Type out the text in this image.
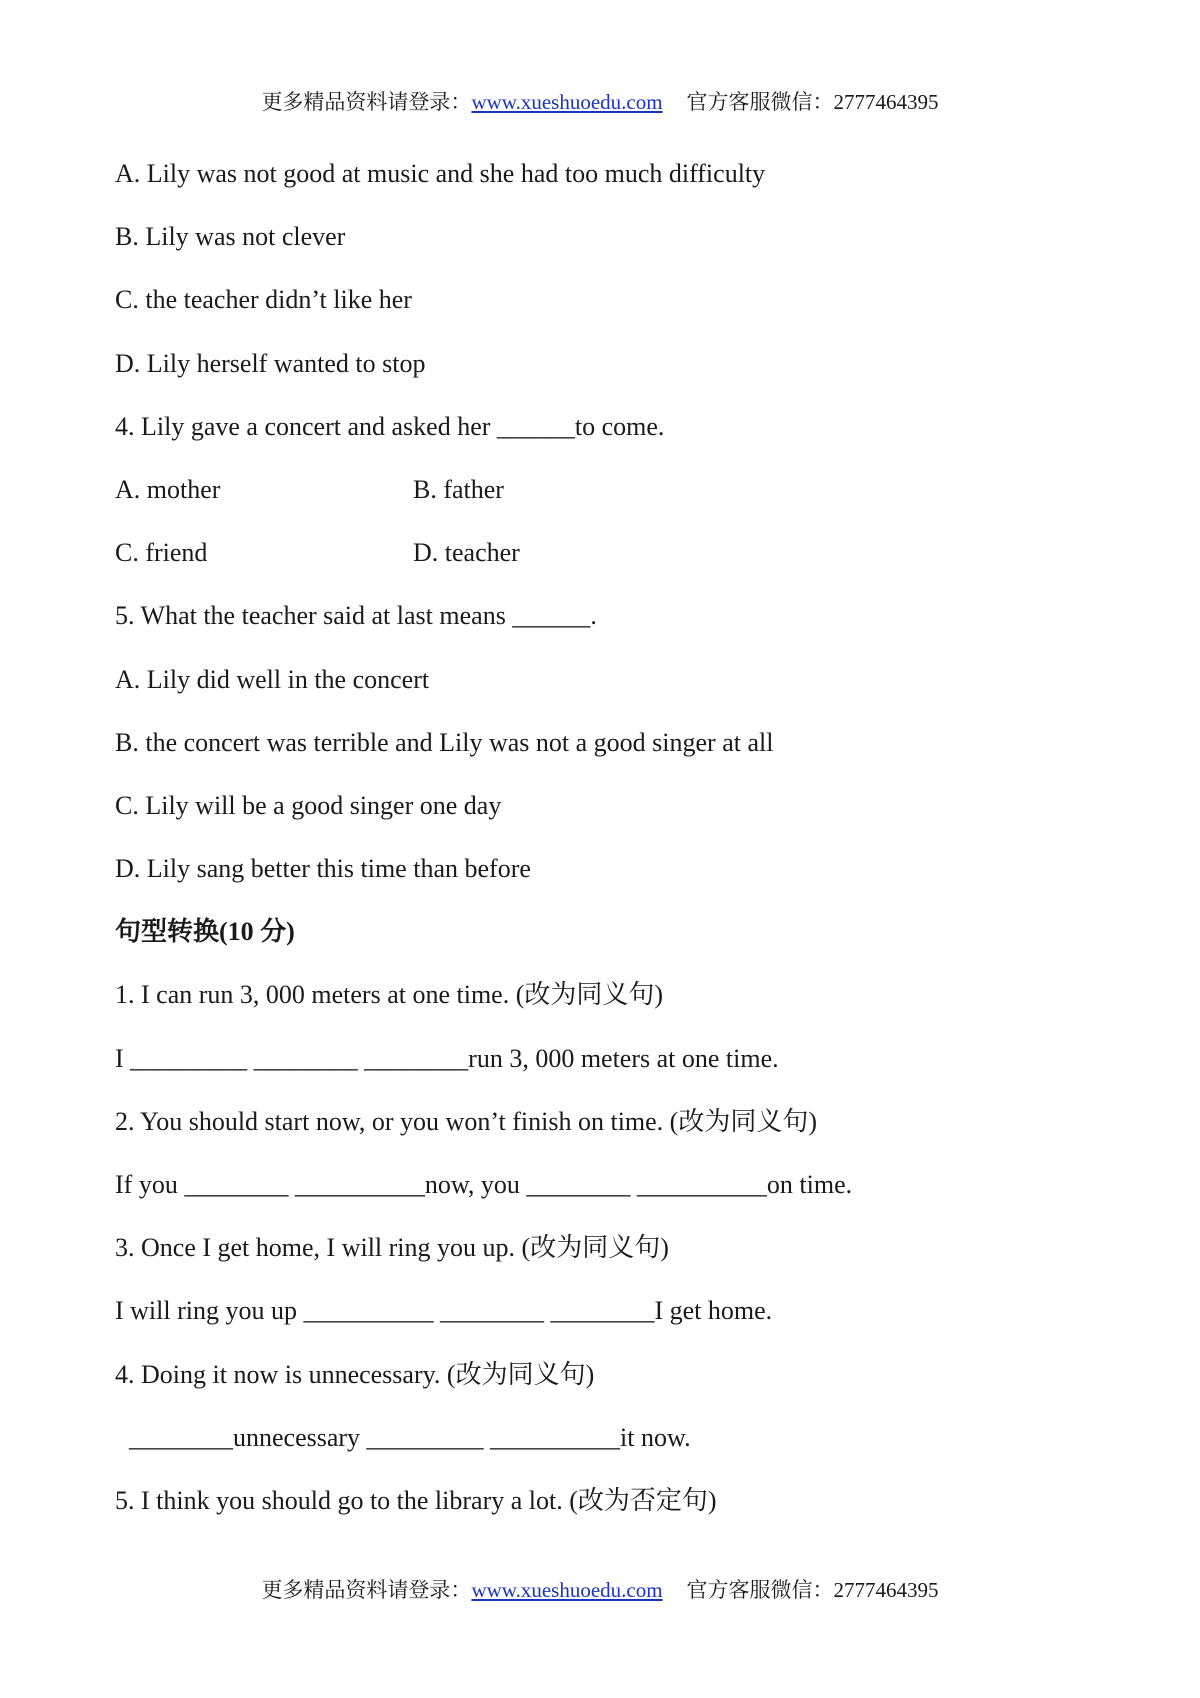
更多精品资料请登录：www.xueshuoedu.com 官方客服微信：2777464395
A. Lily was not good at music and she had too much difficulty
B. Lily was not clever
C. the teacher didn’t like her
D. Lily herself wanted to stop
4. Lily gave a concert and asked her ______to come.
A. mother	B. father
C. friend	D. teacher
5. What the teacher said at last means ______.
A. Lily did well in the concert
B. the concert was terrible and Lily was not a good singer at all
C. Lily will be a good singer one day
D. Lily sang better this time than before
句型转换(10 分)
1. I can run 3, 000 meters at one time. (改为同义句)
I _________ ________ ________run 3, 000 meters at one time.
2. You should start now, or you won’t finish on time. (改为同义句)
If you ________ __________now, you ________ __________on time.
3. Once I get home, I will ring you up. (改为同义句)
I will ring you up __________ ________ ________I get home.
4. Doing it now is unnecessary. (改为同义句)
________unnecessary _________ __________it now.
5. I think you should go to the library a lot. (改为否定句)
更多精品资料请登录：www.xueshuoedu.com 官方客服微信：2777464395
